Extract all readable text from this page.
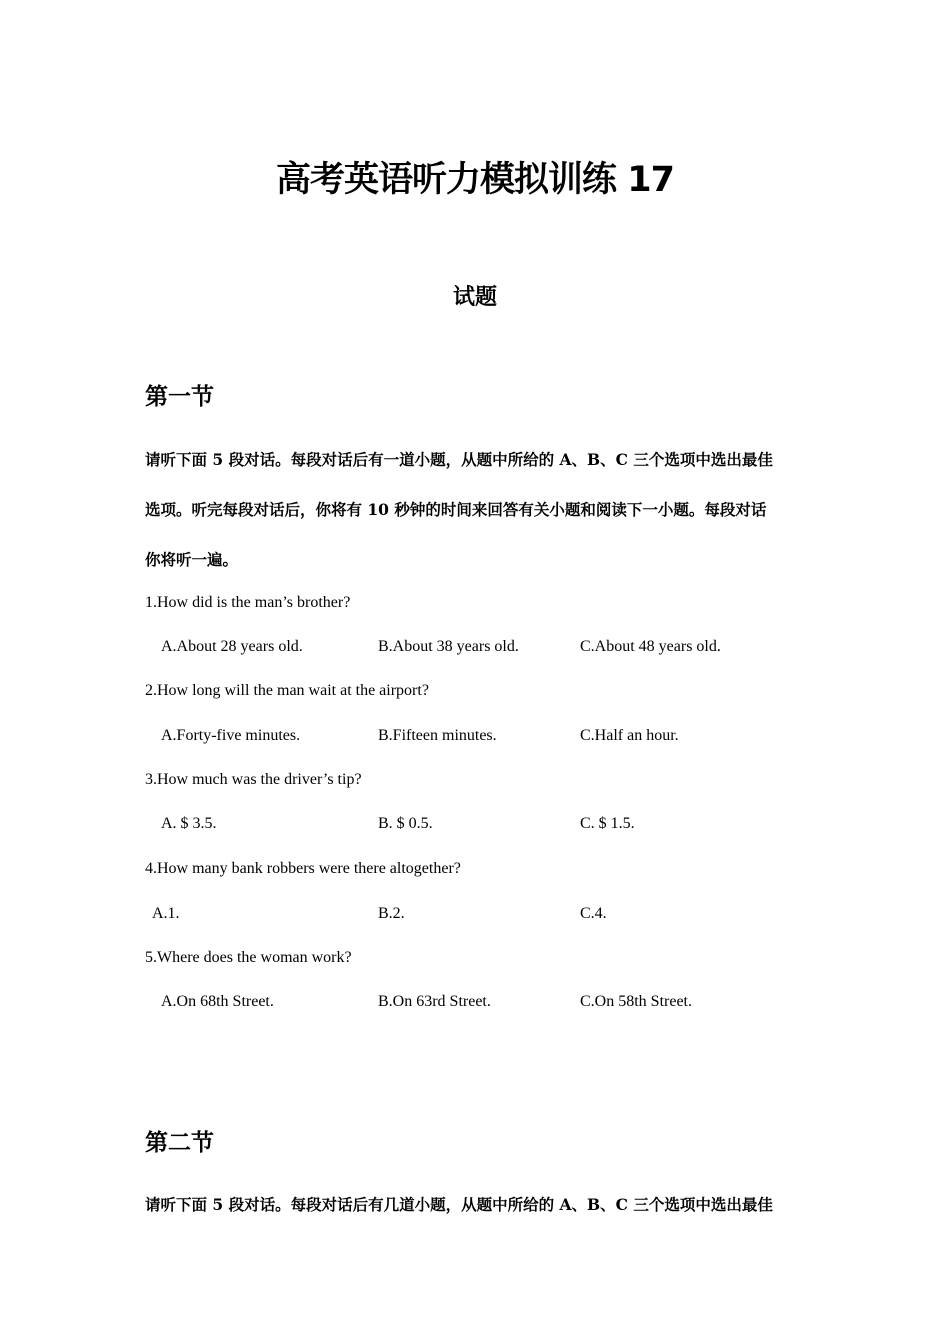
高考英语听力模拟训练 17
试题
第一节

请听下面 5 段对话。每段对话后有一道小题，从题中所给的 A、B、C 三个选项中选出最佳

选项。听完每段对话后，你将有 10 秒钟的时间来回答有关小题和阅读下一小题。每段对话

你将听一遍。

1.How did is the man’s brother?
A.About 28 years old.	B.About 38 years old.	C.About 48 years old.
2.How long will the man wait at the airport?
A.Forty-five minutes.	B.Fifteen minutes.	C.Half an hour.
3.How much was the driver’s tip?
A. $ 3.5.	B. $ 0.5.	C. $ 1.5.
4.How many bank robbers were there altogether?
A.1.	B.2.	C.4.
5.Where does the woman work?
A.On 68th Street.	B.On 63rd Street.	C.On 58th Street.
第二节

请听下面 5 段对话。每段对话后有几道小题，从题中所给的 A、B、C 三个选项中选出最佳
